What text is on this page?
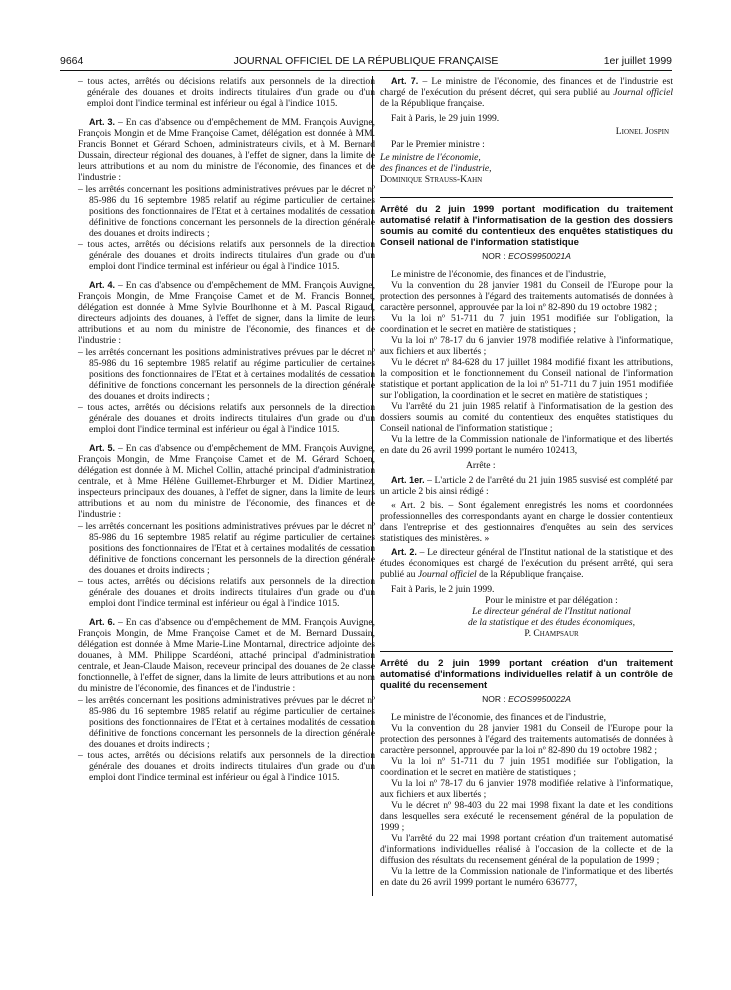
9664	JOURNAL OFFICIEL DE LA RÉPUBLIQUE FRANÇAISE	1er juillet 1999

– tous actes, arrêtés ou décisions relatifs aux personnels de la direction générale des douanes et droits indirects titulaires d'un grade ou d'un emploi dont l'indice terminal est inférieur ou égal à l'indice 1015.

Art. 3. – En cas d'absence ou d'empêchement de MM. François Auvigne, François Mongin et de Mme Françoise Camet, délégation est donnée à MM. Francis Bonnet et Gérard Schoen, administrateurs civils, et à M. Bernard Dussain, directeur régional des douanes, à l'effet de signer, dans la limite de leurs attributions et au nom du ministre de l'économie, des finances et de l'industrie :

– les arrêtés concernant les positions administratives prévues par le décret nº 85-986 du 16 septembre 1985 relatif au régime particulier de certaines positions des fonctionnaires de l'Etat et à certaines modalités de cessation définitive de fonctions concernant les personnels de la direction générale des douanes et droits indirects ;

– tous actes, arrêtés ou décisions relatifs aux personnels de la direction générale des douanes et droits indirects titulaires d'un grade ou d'un emploi dont l'indice terminal est inférieur ou égal à l'indice 1015.

Art. 4. – En cas d'absence ou d'empêchement de MM. François Auvigne, François Mongin, de Mme Françoise Camet et de M. Francis Bonnet, délégation est donnée à Mme Sylvie Bourlhonne et à M. Pascal Rigaud, directeurs adjoints des douanes, à l'effet de signer, dans la limite de leurs attributions et au nom du ministre de l'économie, des finances et de l'industrie :

– les arrêtés concernant les positions administratives prévues par le décret nº 85-986 du 16 septembre 1985 relatif au régime particulier de certaines positions des fonctionnaires de l'Etat et à certaines modalités de cessation définitive de fonctions concernant les personnels de la direction générale des douanes et droits indirects ;

– tous actes, arrêtés ou décisions relatifs aux personnels de la direction générale des douanes et droits indirects titulaires d'un grade ou d'un emploi dont l'indice terminal est inférieur ou égal à l'indice 1015.

Art. 5. – En cas d'absence ou d'empêchement de MM. François Auvigne, François Mongin, de Mme Françoise Camet et de M. Gérard Schoen, délégation est donnée à M. Michel Collin, attaché principal d'administration centrale, et à Mme Hélène Guillemet-Ehrburger et M. Didier Martinez, inspecteurs principaux des douanes, à l'effet de signer, dans la limite de leurs attributions et au nom du ministre de l'économie, des finances et de l'industrie :

– les arrêtés concernant les positions administratives prévues par le décret nº 85-986 du 16 septembre 1985 relatif au régime particulier de certaines positions des fonctionnaires de l'Etat et à certaines modalités de cessation définitive de fonctions concernant les personnels de la direction générale des douanes et droits indirects ;

– tous actes, arrêtés ou décisions relatifs aux personnels de la direction générale des douanes et droits indirects titulaires d'un grade ou d'un emploi dont l'indice terminal est inférieur ou égal à l'indice 1015.

Art. 6. – En cas d'absence ou d'empêchement de MM. François Auvigne, François Mongin, de Mme Françoise Camet et de M. Bernard Dussain, délégation est donnée à Mme Marie-Line Montarnal, directrice adjointe des douanes, à MM. Philippe Scardéoni, attaché principal d'administration centrale, et Jean-Claude Maison, receveur principal des douanes de 2e classe fonctionnelle, à l'effet de signer, dans la limite de leurs attributions et au nom du ministre de l'économie, des finances et de l'industrie :

– les arrêtés concernant les positions administratives prévues par le décret nº 85-986 du 16 septembre 1985 relatif au régime particulier de certaines positions des fonctionnaires de l'Etat et à certaines modalités de cessation définitive de fonctions concernant les personnels de la direction générale des douanes et droits indirects ;

– tous actes, arrêtés ou décisions relatifs aux personnels de la direction générale des douanes et droits indirects titulaires d'un grade ou d'un emploi dont l'indice terminal est inférieur ou égal à l'indice 1015.

Art. 7. – Le ministre de l'économie, des finances et de l'industrie est chargé de l'exécution du présent décret, qui sera publié au Journal officiel de la République française.

Fait à Paris, le 29 juin 1999.

Lionel Jospin

Par le Premier ministre :

Le ministre de l'économie,

des finances et de l'industrie,

Dominique Strauss-Kahn

Arrêté du 2 juin 1999 portant modification du traitement automatisé relatif à l'informatisation de la gestion des dossiers soumis au comité du contentieux des enquêtes statistiques du Conseil national de l'information statistique

NOR : ECOS9950021A

Le ministre de l'économie, des finances et de l'industrie,

Vu la convention du 28 janvier 1981 du Conseil de l'Europe pour la protection des personnes à l'égard des traitements automatisés de données à caractère personnel, approuvée par la loi nº 82-890 du 19 octobre 1982 ;

Vu la loi nº 51-711 du 7 juin 1951 modifiée sur l'obligation, la coordination et le secret en matière de statistiques ;

Vu la loi nº 78-17 du 6 janvier 1978 modifiée relative à l'informatique, aux fichiers et aux libertés ;

Vu le décret nº 84-628 du 17 juillet 1984 modifié fixant les attributions, la composition et le fonctionnement du Conseil national de l'information statistique et portant application de la loi nº 51-711 du 7 juin 1951 modifiée sur l'obligation, la coordination et le secret en matière de statistiques ;

Vu l'arrêté du 21 juin 1985 relatif à l'informatisation de la gestion des dossiers soumis au comité du contentieux des enquêtes statistiques du Conseil national de l'information statistique ;

Vu la lettre de la Commission nationale de l'informatique et des libertés en date du 26 avril 1999 portant le numéro 102413,

Arrête :

Art. 1er. – L'article 2 de l'arrêté du 21 juin 1985 susvisé est complété par un article 2 bis ainsi rédigé :

« Art. 2 bis. – Sont également enregistrés les noms et coordonnées professionnelles des correspondants ayant en charge le dossier contentieux dans l'entreprise et des gestionnaires d'enquêtes au sein des services statistiques des ministères. »

Art. 2. – Le directeur général de l'Institut national de la statistique et des études économiques est chargé de l'exécution du présent arrêté, qui sera publié au Journal officiel de la République française.

Fait à Paris, le 2 juin 1999.

Pour le ministre et par délégation :

Le directeur général de l'Institut national

de la statistique et des études économiques,

P. Champsaur

Arrêté du 2 juin 1999 portant création d'un traitement automatisé d'informations individuelles relatif à un contrôle de qualité du recensement

NOR : ECOS9950022A

Le ministre de l'économie, des finances et de l'industrie,

Vu la convention du 28 janvier 1981 du Conseil de l'Europe pour la protection des personnes à l'égard des traitements automatisés de données à caractère personnel, approuvée par la loi nº 82-890 du 19 octobre 1982 ;

Vu la loi nº 51-711 du 7 juin 1951 modifiée sur l'obligation, la coordination et le secret en matière de statistiques ;

Vu la loi nº 78-17 du 6 janvier 1978 modifiée relative à l'informatique, aux fichiers et aux libertés ;

Vu le décret nº 98-403 du 22 mai 1998 fixant la date et les conditions dans lesquelles sera exécuté le recensement général de la population de 1999 ;

Vu l'arrêté du 22 mai 1998 portant création d'un traitement automatisé d'informations individuelles réalisé à l'occasion de la collecte et de la diffusion des résultats du recensement général de la population de 1999 ;

Vu la lettre de la Commission nationale de l'informatique et des libertés en date du 26 avril 1999 portant le numéro 636777,
